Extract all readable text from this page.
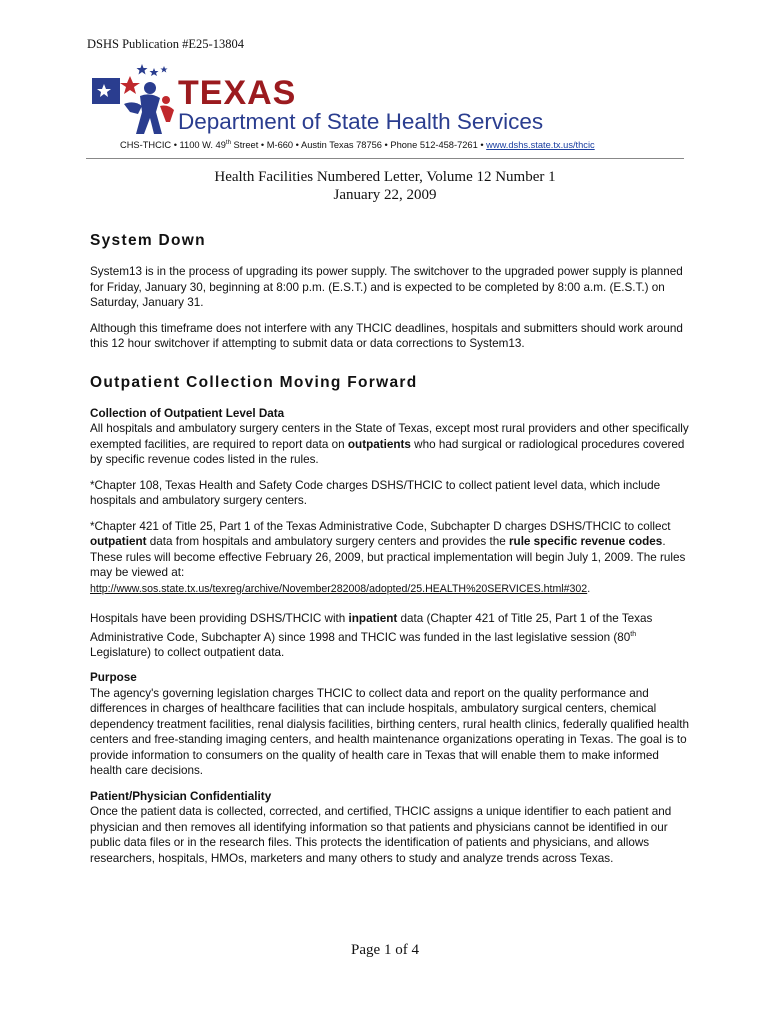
DSHS Publication #E25-13804
TEXAS
Department of State Health Services
CHS-THCIC • 1100 W. 49th Street • M-660 • Austin Texas 78756 • Phone 512-458-7261 • www.dshs.state.tx.us/thcic
Health Facilities Numbered Letter, Volume 12 Number 1
January 22, 2009
System Down

System13 is in the process of upgrading its power supply. The switchover to the upgraded power supply is planned for Friday, January 30, beginning at 8:00 p.m. (E.S.T.) and is expected to be completed by 8:00 a.m. (E.S.T.) on Saturday, January 31.

Although this timeframe does not interfere with any THCIC deadlines, hospitals and submitters should work around this 12 hour switchover if attempting to submit data or data corrections to System13.

Outpatient Collection Moving Forward

Collection of Outpatient Level Data
All hospitals and ambulatory surgery centers in the State of Texas, except most rural providers and other specifically exempted facilities, are required to report data on outpatients who had surgical or radiological procedures covered by specific revenue codes listed in the rules.

*Chapter 108, Texas Health and Safety Code charges DSHS/THCIC to collect patient level data, which include hospitals and ambulatory surgery centers.

*Chapter 421 of Title 25, Part 1 of the Texas Administrative Code, Subchapter D charges DSHS/THCIC to collect outpatient data from hospitals and ambulatory surgery centers and provides the rule specific revenue codes. These rules will become effective February 26, 2009, but practical implementation will begin July 1, 2009. The rules may be viewed at:
http://www.sos.state.tx.us/texreg/archive/November282008/adopted/25.HEALTH%20SERVICES.html#302.

Hospitals have been providing DSHS/THCIC with inpatient data (Chapter 421 of Title 25, Part 1 of the Texas Administrative Code, Subchapter A) since 1998 and THCIC was funded in the last legislative session (80th Legislature) to collect outpatient data.

Purpose
The agency's governing legislation charges THCIC to collect data and report on the quality performance and differences in charges of healthcare facilities that can include hospitals, ambulatory surgical centers, chemical dependency treatment facilities, renal dialysis facilities, birthing centers, rural health clinics, federally qualified health centers and free-standing imaging centers, and health maintenance organizations operating in Texas. The goal is to provide information to consumers on the quality of health care in Texas that will enable them to make informed health care decisions.

Patient/Physician Confidentiality
Once the patient data is collected, corrected, and certified, THCIC assigns a unique identifier to each patient and physician and then removes all identifying information so that patients and physicians cannot be identified in our public data files or in the research files. This protects the identification of patients and physicians, and allows researchers, hospitals, HMOs, marketers and many others to study and analyze trends across Texas.

Page 1 of 4
